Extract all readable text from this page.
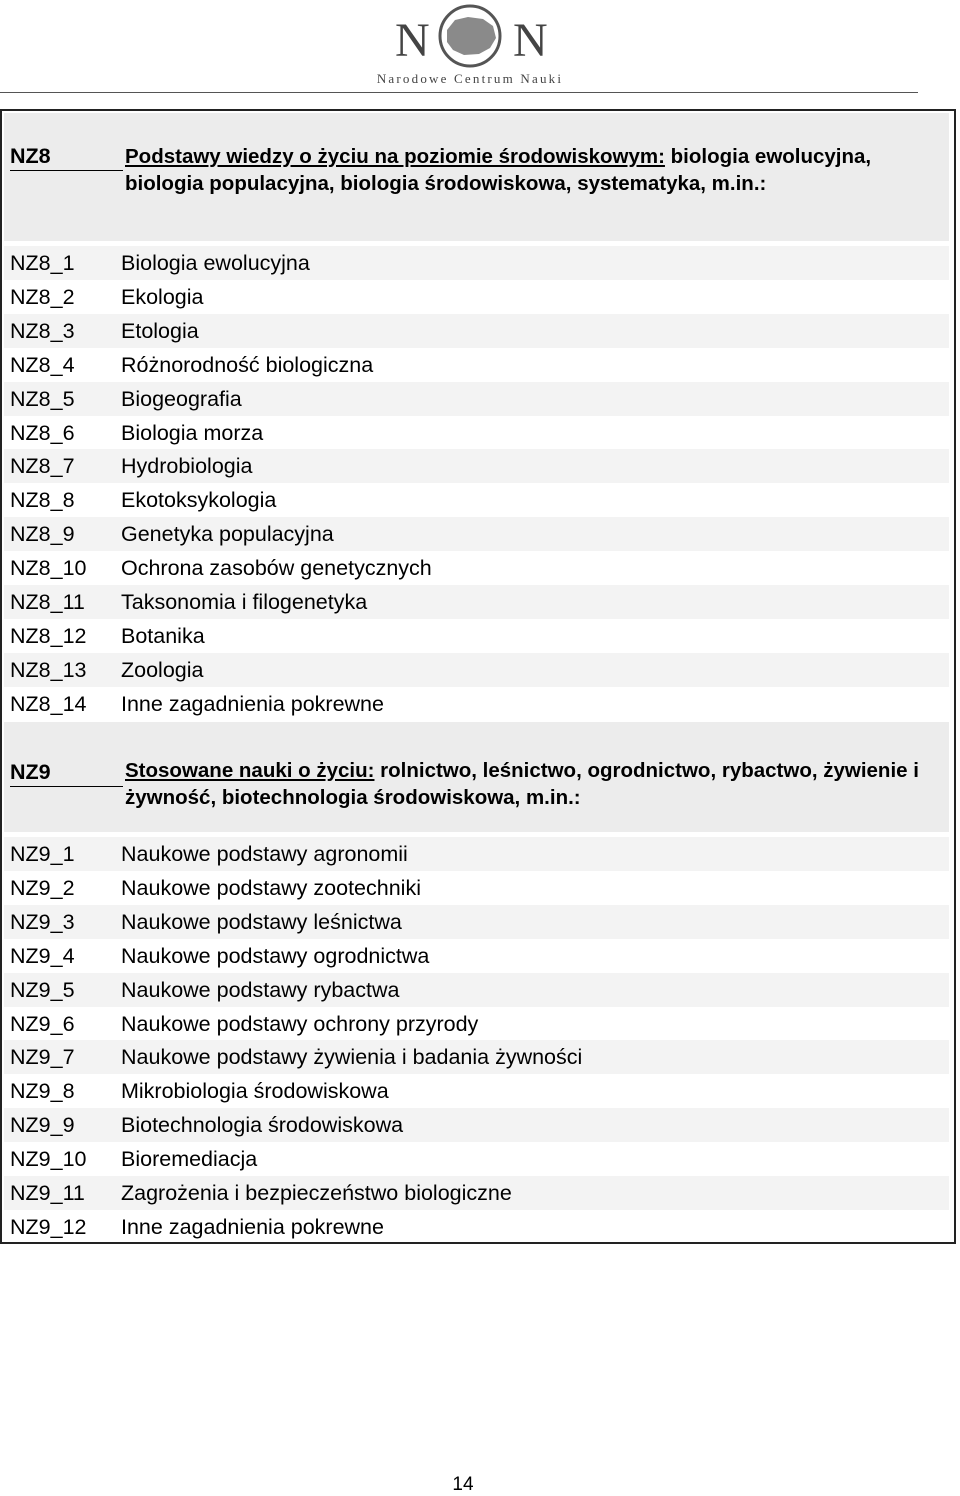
N N
Narodowe Centrum Nauki
NZ8	Podstawy wiedzy o życiu na poziomie środowiskowym: biologia ewolucyjna, biologia populacyjna, biologia środowiskowa, systematyka, m.in.:
NZ8_1 Biologia ewolucyjna
NZ8_2 Ekologia
NZ8_3 Etologia
NZ8_4 Różnorodność biologiczna
NZ8_5 Biogeografia
NZ8_6 Biologia morza
NZ8_7 Hydrobiologia
NZ8_8 Ekotoksykologia
NZ8_9 Genetyka populacyjna
NZ8_10 Ochrona zasobów genetycznych
NZ8_11 Taksonomia i filogenetyka
NZ8_12 Botanika
NZ8_13 Zoologia
NZ8_14 Inne zagadnienia pokrewne
NZ9	Stosowane nauki o życiu: rolnictwo, leśnictwo, ogrodnictwo, rybactwo, żywienie i żywność, biotechnologia środowiskowa, m.in.:
NZ9_1 Naukowe podstawy agronomii
NZ9_2 Naukowe podstawy zootechniki
NZ9_3 Naukowe podstawy leśnictwa
NZ9_4 Naukowe podstawy ogrodnictwa
NZ9_5 Naukowe podstawy rybactwa
NZ9_6 Naukowe podstawy ochrony przyrody
NZ9_7 Naukowe podstawy żywienia i badania żywności
NZ9_8 Mikrobiologia środowiskowa
NZ9_9 Biotechnologia środowiskowa
NZ9_10 Bioremediacja
NZ9_11 Zagrożenia i bezpieczeństwo biologiczne
NZ9_12 Inne zagadnienia pokrewne
14
